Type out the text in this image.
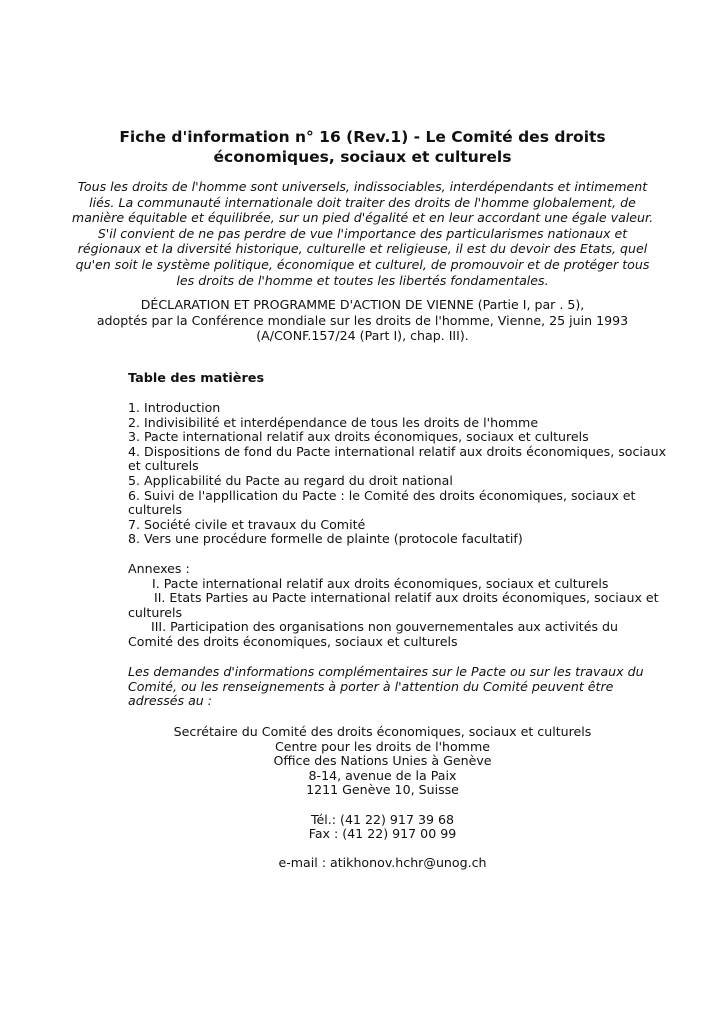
Fiche d'information n° 16 (Rev.1) - Le Comité des droits
économiques, sociaux et culturels
Tous les droits de l'homme sont universels, indissociables, interdépendants et intimement
liés. La communauté internationale doit traiter des droits de l'homme globalement, de
manière équitable et équilibrée, sur un pied d'égalité et en leur accordant une égale valeur.
S'il convient de ne pas perdre de vue l'importance des particularismes nationaux et
régionaux et la diversité historique, culturelle et religieuse, il est du devoir des Etats, quel
qu'en soit le système politique, économique et culturel, de promouvoir et de protéger tous
les droits de l'homme et toutes les libertés fondamentales.
DÉCLARATION ET PROGRAMME D'ACTION DE VIENNE (Partie I, par . 5),
adoptés par la Conférence mondiale sur les droits de l'homme, Vienne, 25 juin 1993
(A/CONF.157/24 (Part I), chap. III).
Table des matières
1. Introduction
2. Indivisibilité et interdépendance de tous les droits de l'homme
3. Pacte international relatif aux droits économiques, sociaux et culturels
4. Dispositions de fond du Pacte international relatif aux droits économiques, sociaux
et culturels
5. Applicabilité du Pacte au regard du droit national
6. Suivi de l'appllication du Pacte : le Comité des droits économiques, sociaux et
culturels
7. Société civile et travaux du Comité
8. Vers une procédure formelle de plainte (protocole facultatif)
Annexes :
I. Pacte international relatif aux droits économiques, sociaux et culturels
II. Etats Parties au Pacte international relatif aux droits économiques, sociaux et
culturels
III. Participation des organisations non gouvernementales aux activités du
Comité des droits économiques, sociaux et culturels
Les demandes d'informations complémentaires sur le Pacte ou sur les travaux du
Comité, ou les renseignements à porter à l'attention du Comité peuvent être
adressés au :
Secrétaire du Comité des droits économiques, sociaux et culturels
Centre pour les droits de l'homme
Office des Nations Unies à Genève
8-14, avenue de la Paix
1211 Genève 10, Suisse
Tél.: (41 22) 917 39 68
Fax : (41 22) 917 00 99
e-mail : atikhonov.hchr@unog.ch
